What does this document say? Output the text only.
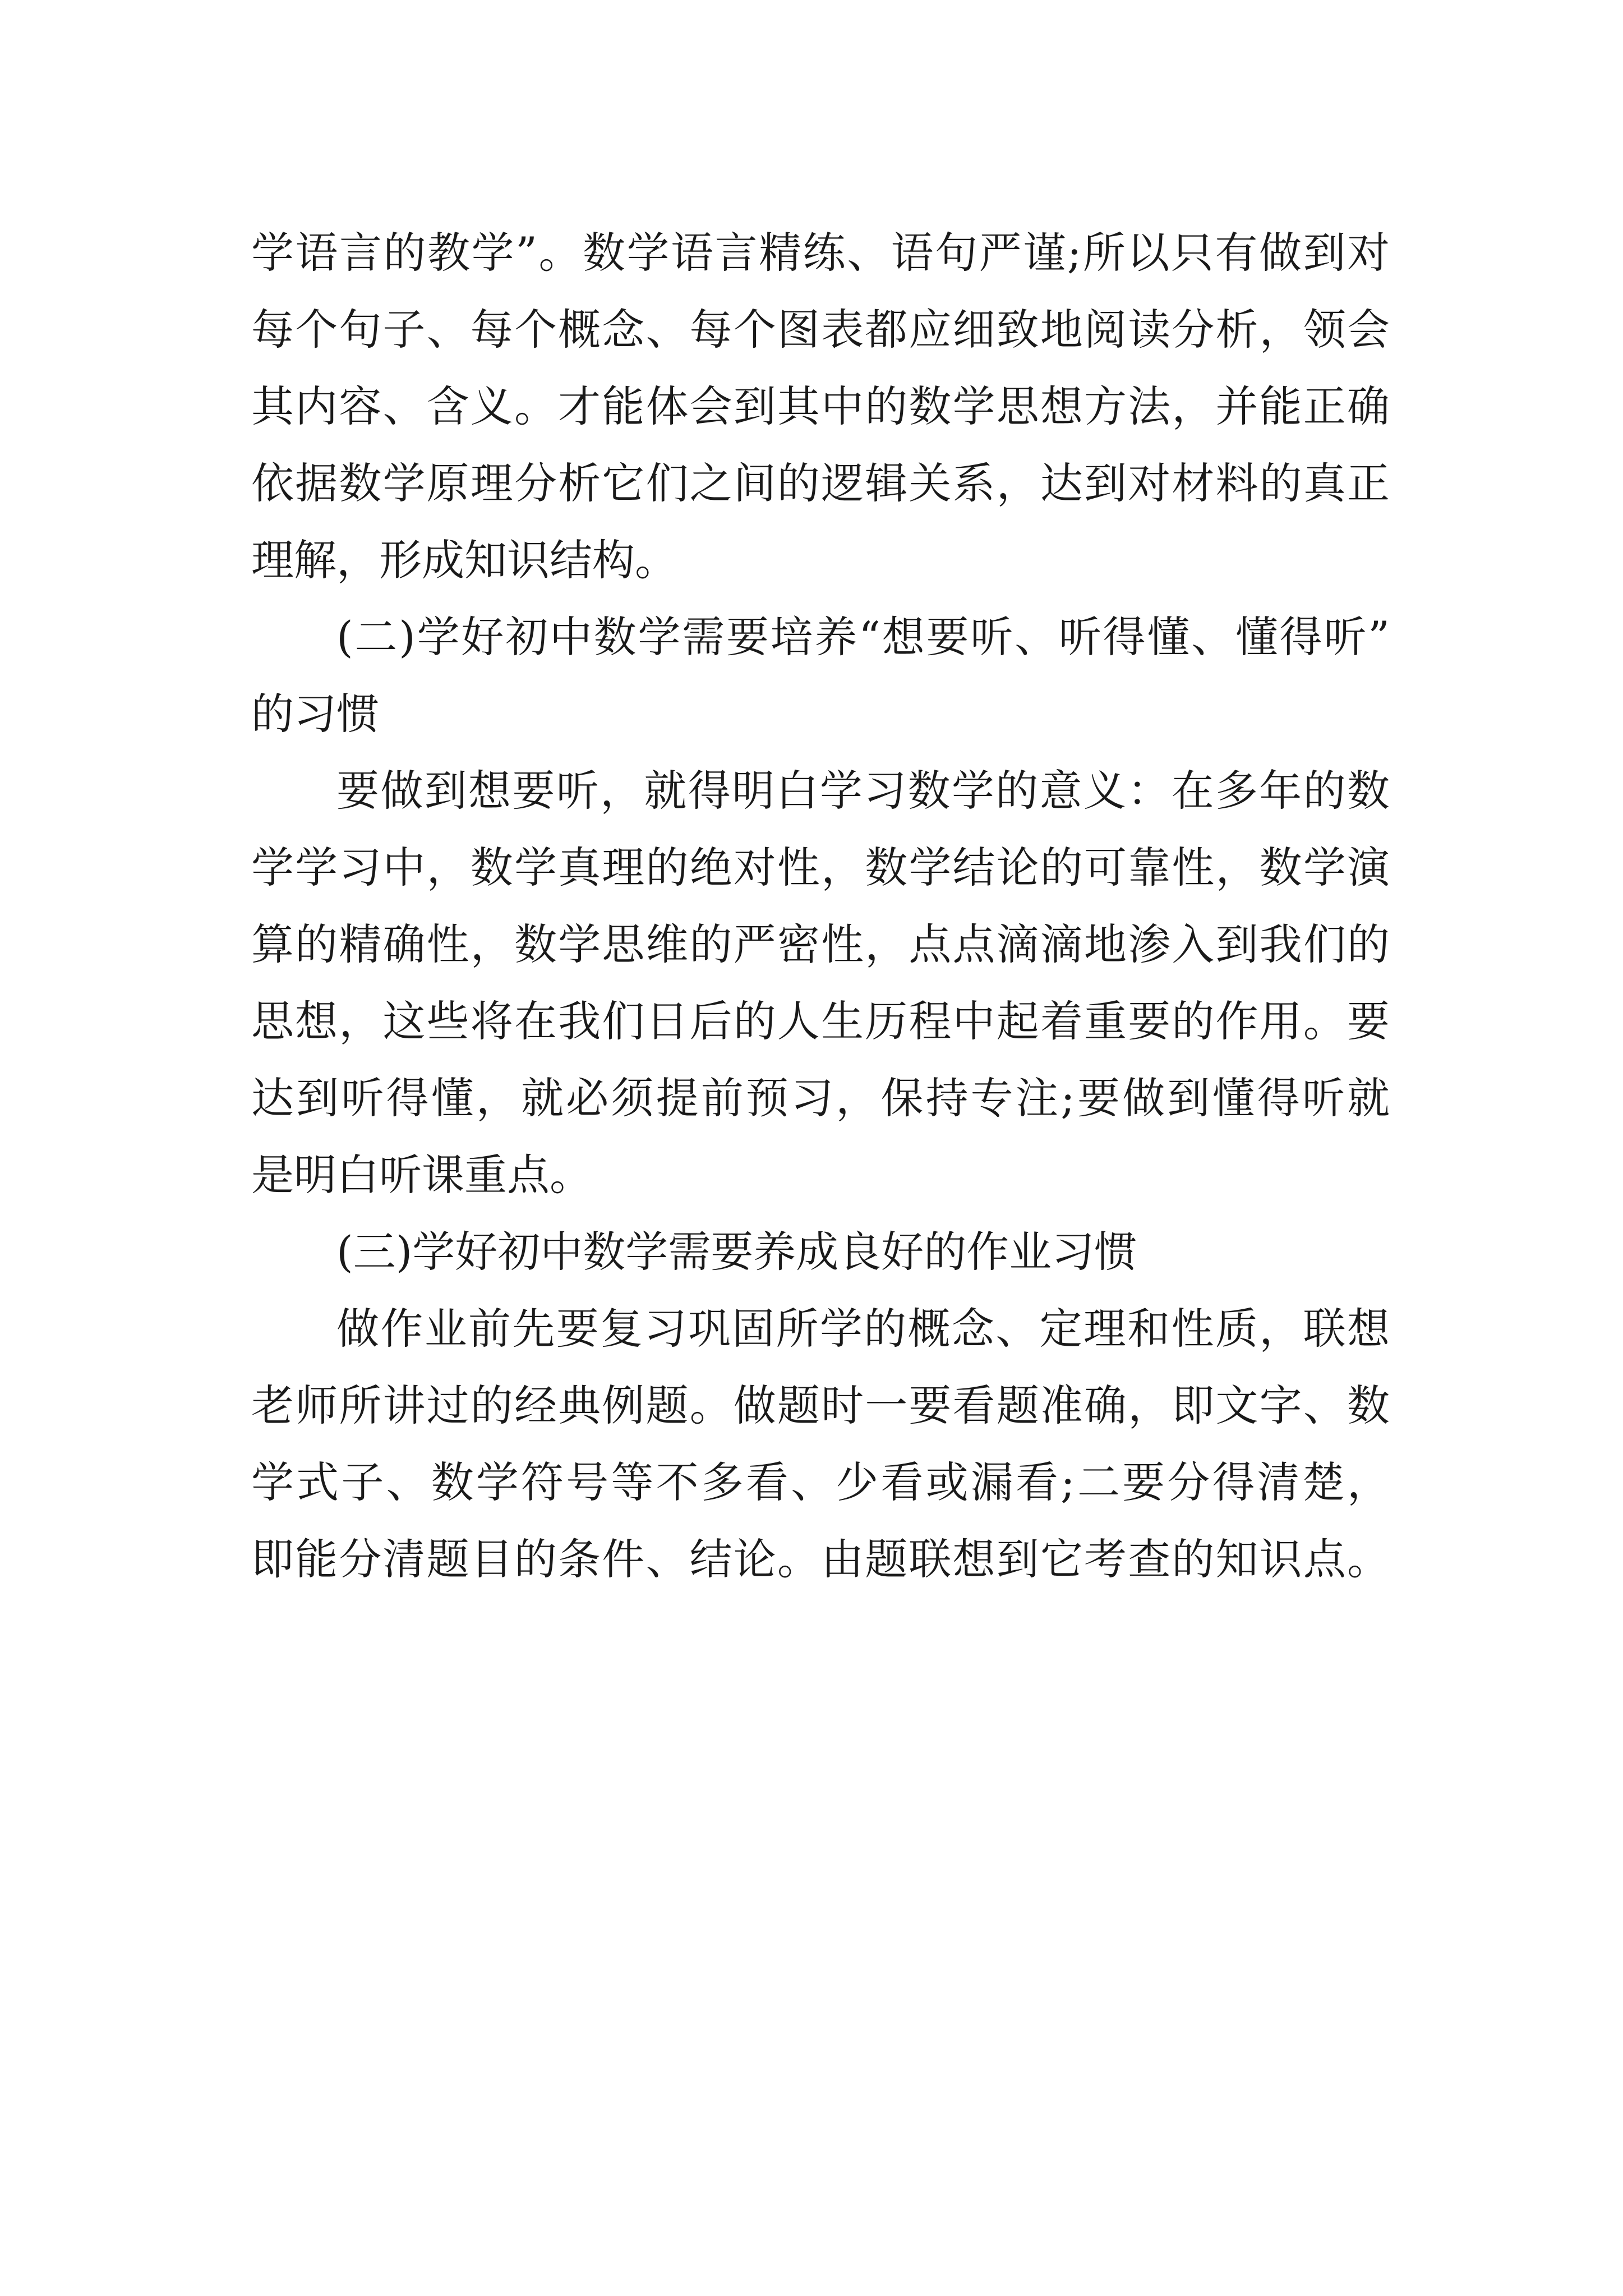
学语言的教学”。数学语言精练、语句严谨;所以只有做到对
每个句子、每个概念、每个图表都应细致地阅读分析，领会
其内容、含义。才能体会到其中的数学思想方法，并能正确
依据数学原理分析它们之间的逻辑关系，达到对材料的真正
理解，形成知识结构。
(二)学好初中数学需要培养“想要听、听得懂、懂得听”
的习惯
要做到想要听，就得明白学习数学的意义：在多年的数
学学习中，数学真理的绝对性，数学结论的可靠性，数学演
算的精确性，数学思维的严密性，点点滴滴地渗入到我们的
思想，这些将在我们日后的人生历程中起着重要的作用。要
达到听得懂，就必须提前预习，保持专注;要做到懂得听就
是明白听课重点。
(三)学好初中数学需要养成良好的作业习惯
做作业前先要复习巩固所学的概念、定理和性质，联想
老师所讲过的经典例题。做题时一要看题准确，即文字、数
学式子、数学符号等不多看、少看或漏看;二要分得清楚，
即能分清题目的条件、结论。由题联想到它考查的知识点。
